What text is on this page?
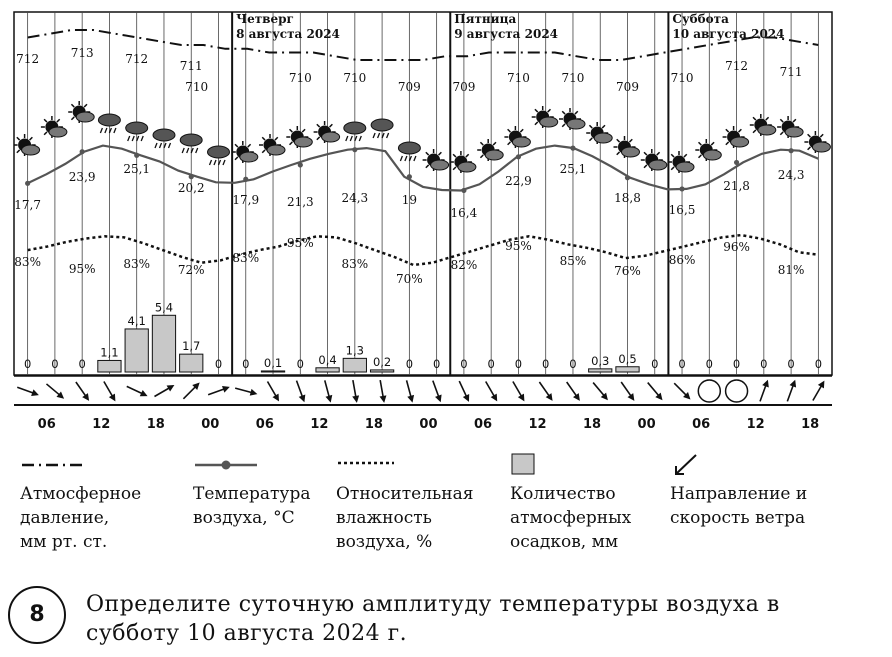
Четверг
8 августа 2024
Пятница
9 августа 2024
Суббота
10 августа 2024
712	713	712	711
710
710	710
709	709
710	710
709
710
712	711
17,7
23,9
25,1
20,2
17,9 21,3 24,3	19
16,4
22,9
25,1
18,8
16,5
21,8
24,3
83% 95% 83% 72%
83%
95%
83%
70%
82%
95%
85%
76%
86%
96%
81%
0 0 0
1,1
4,1
5,4
1,7
0 0 0,1 0 0,4
1,3
0,2 0 0 0 0 0 0 0 0,3 0,5 0 0 0 0 0 0 0
06	12	18	00	06	12	18	00	06	12	18	00	06	12	18
Атмосферное
давление,
мм рт. ст.
Температура
воздуха, °С
Относительная
влажность
воздуха, %
Количество
атмосферных
осадков, мм
Направление и
скорость ветра
8	Определите суточную амплитуду температуры воздуха в субботу 10 августа 2024 г.
